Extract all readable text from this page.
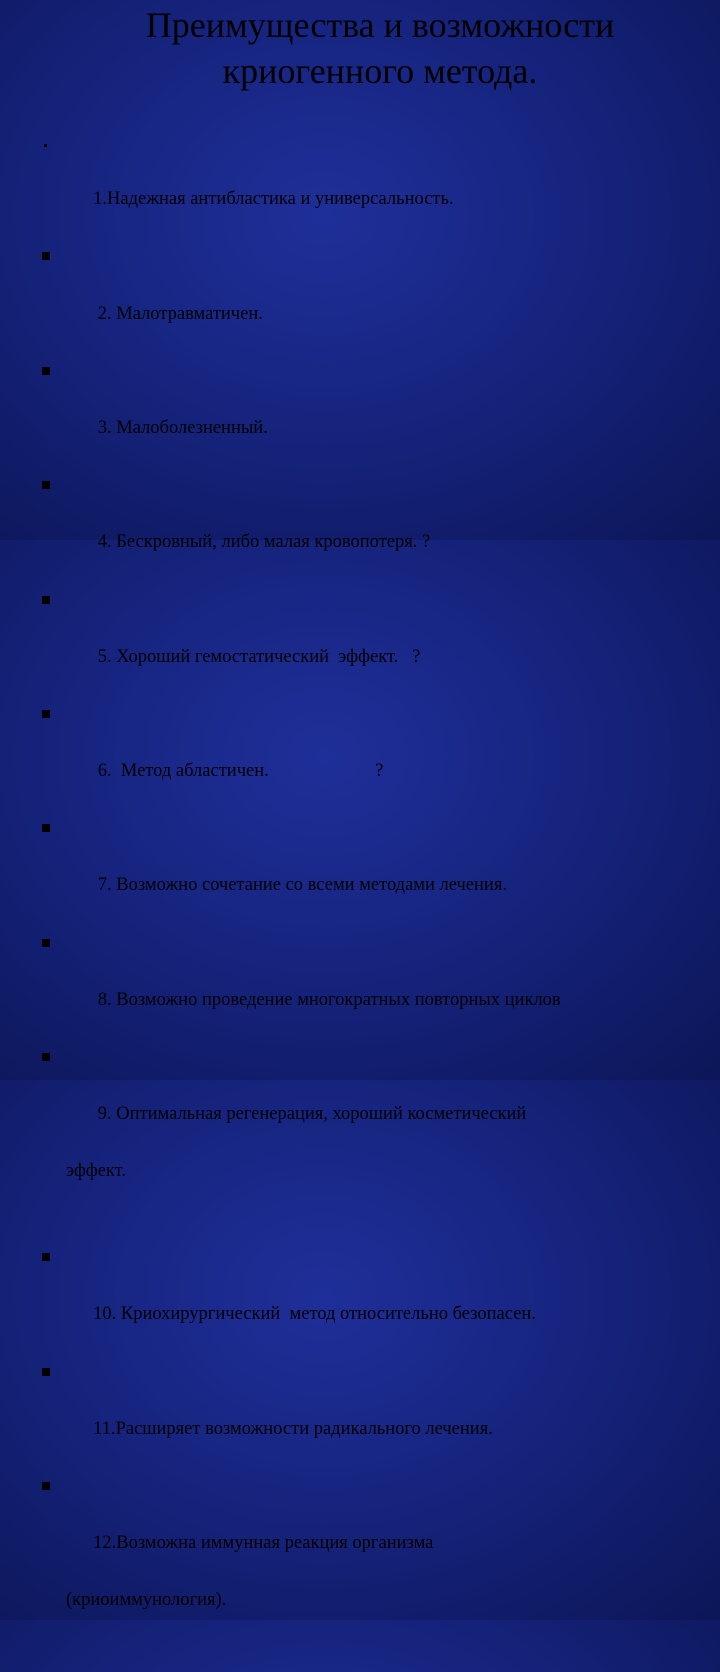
Преимущества и возможности
криогенного метода.

1.Надежная антибластика и универсальность.

2. Малотравматичен.

3. Малоболезненный.

4. Бескровный, либо малая кровопотеря. ?

5. Хороший гемостатический  эффект.   ?

6.  Метод абластичен.                       ?

7. Возможно сочетание со всеми методами лечения.

8. Возможно проведение многократных повторных циклов

9. Оптимальная регенерация, хороший косметический

эффект.

10. Криохирургический  метод относительно безопасен.

11.Расширяет возможности радикального лечения.

12.Возможна иммунная реакция организма

(криоиммунология).
